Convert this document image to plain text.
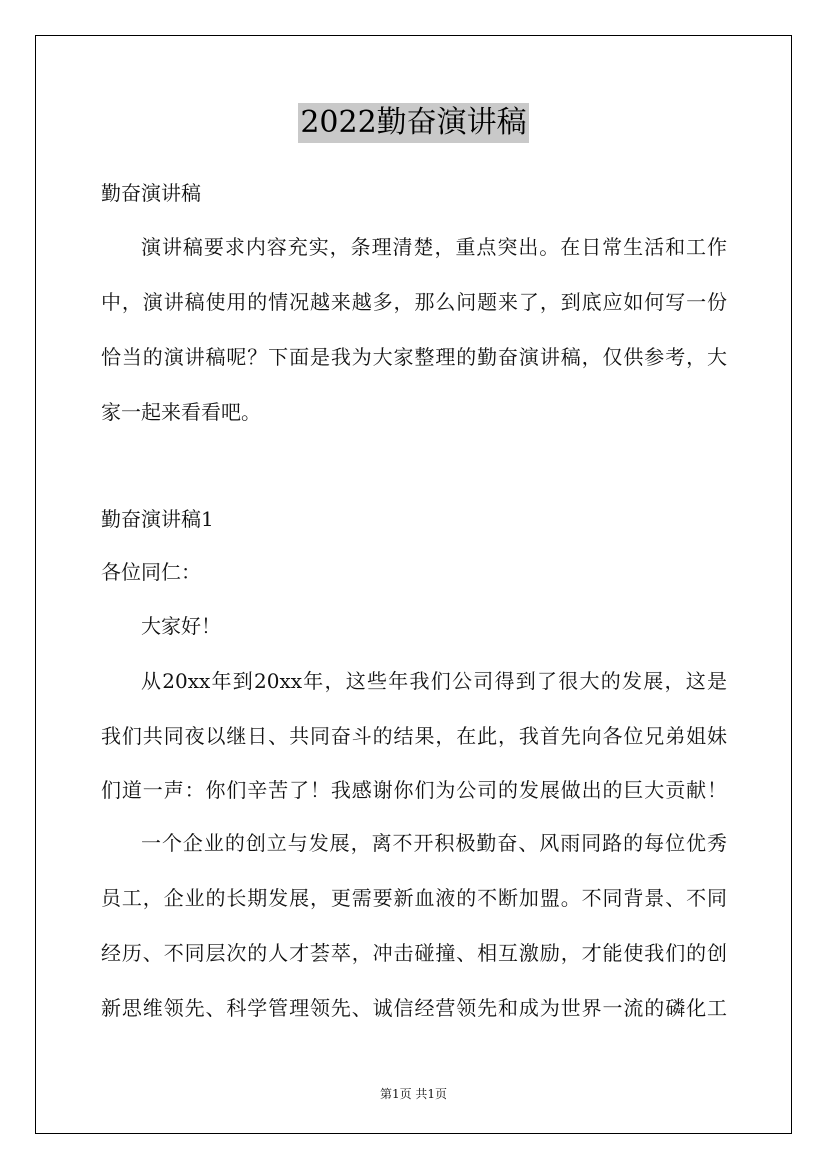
2022勤奋演讲稿
勤奋演讲稿
演讲稿要求内容充实，条理清楚，重点突出。在日常生活和工作
中，演讲稿使用的情况越来越多，那么问题来了，到底应如何写一份
恰当的演讲稿呢？下面是我为大家整理的勤奋演讲稿，仅供参考，大
家一起来看看吧。
勤奋演讲稿1
各位同仁：
大家好！
从20xx年到20xx年，这些年我们公司得到了很大的发展，这是
我们共同夜以继日、共同奋斗的结果，在此，我首先向各位兄弟姐妹
们道一声：你们辛苦了！我感谢你们为公司的发展做出的巨大贡献！
一个企业的创立与发展，离不开积极勤奋、风雨同路的每位优秀
员工，企业的长期发展，更需要新血液的不断加盟。不同背景、不同
经历、不同层次的人才荟萃，冲击碰撞、相互激励，才能使我们的创
新思维领先、科学管理领先、诚信经营领先和成为世界一流的磷化工
第1页 共1页
